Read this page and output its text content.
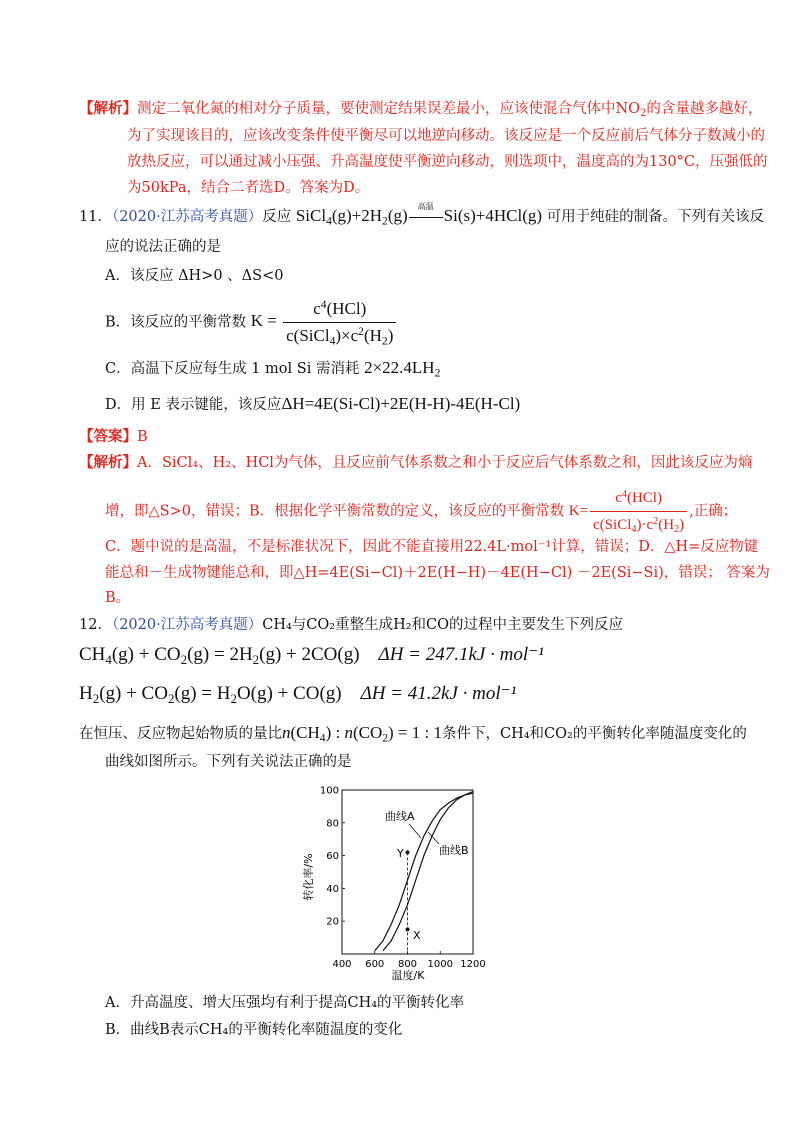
【解析】测定二氧化氮的相对分子质量，要使测定结果误差最小，应该使混合气体中$NO_2$的含量越多越好，
为了实现该目的，应该改变条件使平衡尽可以地逆向移动。该反应是一个反应前后气体分子数减小的
放热反应，可以通过减小压强、升高温度使平衡逆向移动，则选项中，温度高的为130°C，压强低的
为50kPa，结合二者选D。答案为D。
11．（2020·江苏高考真题）反应 $SiCl_4(g)+2H_2(g)$	高温 Si(s)+4HCl(g) 可用于纯硅的制备。下列有关该反
应的说法正确的是
A．该反应 ΔH>0 、ΔS<0
B．该反应的平衡常数 $K = \frac{c^4(HCl)}{c(SiCl_4)\times c^2(H_2)}$
C．高温下反应每生成 1 mol Si 需消耗 $2\times 22.4LH_2$
D．用 E 表示键能，该反应ΔH=4E(Si-Cl)+2E(H-H)-4E(H-Cl)
【答案】B
【解析】A．SiCl₄、H₂、HCl为气体，且反应前气体系数之和小于反应后气体系数之和，因此该反应为熵
增，即△S>0，错误；B．根据化学平衡常数的定义，该反应的平衡常数 $K= \frac{c^4(HCl)}{c(SiCl_4)\cdot c^2(H_2)}$ ,正确；
C．题中说的是高温，不是标准状况下，因此不能直接用22.4L·mol⁻¹计算，错误；D．△H=反应物键
能总和－生成物键能总和，即△H=4E(Si−Cl)＋2E(H−H)－4E(H−Cl) －2E(Si−Si)，错误； 答案为
B。
12．（2020·江苏高考真题）CH₄与CO₂重整生成H₂和CO的过程中主要发生下列反应
$CH_4(g) + CO_2(g) = 2H_2(g) + 2CO(g)$    ΔH = 247.1kJ · mol⁻¹
$H_2(g) + CO_2(g) = H_2O(g) + CO(g)$    ΔH = 41.2kJ · mol⁻¹
在恒压、反应物起始物质的量比$n(CH_4)$ : $n(CO_2) = 1$ : 1条件下，CH₄和CO₂的平衡转化率随温度变化的
曲线如图所示。下列有关说法正确的是
400 600 800 1000 1200
20
40
60
80
100
转化率/%
温度/K
曲线A
曲线B
Y
X
A．升高温度、增大压强均有利于提高CH₄的平衡转化率
B．曲线B表示CH₄的平衡转化率随温度的变化
